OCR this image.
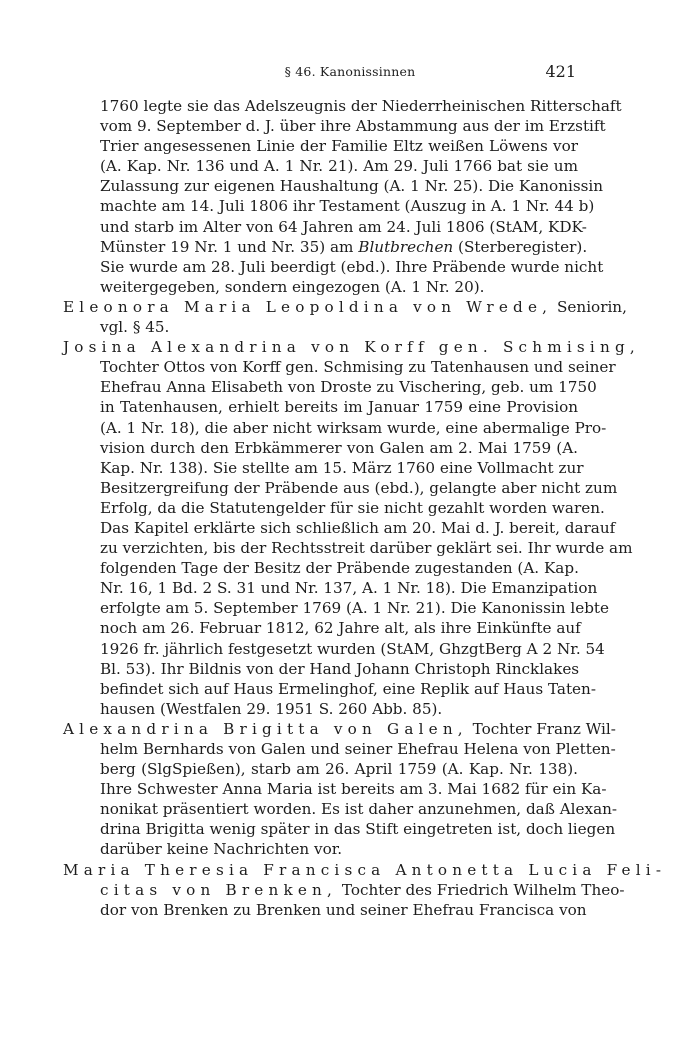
§ 46. Kanonissinnen	421
1760 legte sie das Adelszeugnis der Niederrheinischen Ritterschaft
vom 9. September d. J. über ihre Abstammung aus der im Erzstift
Trier angesessenen Linie der Familie Eltz weißen Löwens vor
(A. Kap. Nr. 136 und A. 1 Nr. 21). Am 29. Juli 1766 bat sie um
Zulassung zur eigenen Haushaltung (A. 1 Nr. 25). Die Kanonissin
machte am 14. Juli 1806 ihr Testament (Auszug in A. 1 Nr. 44 b)
und starb im Alter von 64 Jahren am 24. Juli 1806 (StAM, KDK-
Münster 19 Nr. 1 und Nr. 35) am Blutbrechen (Sterberegister).
Sie wurde am 28. Juli beerdigt (ebd.). Ihre Präbende wurde nicht
weitergegeben, sondern eingezogen (A. 1 Nr. 20).
Eleonora Maria Leopoldina von Wrede, Seniorin,
vgl. § 45.
Josina Alexandrina von Korff gen. Schmising,
Tochter Ottos von Korff gen. Schmising zu Tatenhausen und seiner
Ehefrau Anna Elisabeth von Droste zu Vischering, geb. um 1750
in Tatenhausen, erhielt bereits im Januar 1759 eine Provision
(A. 1 Nr. 18), die aber nicht wirksam wurde, eine abermalige Pro-
vision durch den Erbkämmerer von Galen am 2. Mai 1759 (A.
Kap. Nr. 138). Sie stellte am 15. März 1760 eine Vollmacht zur
Besitzergreifung der Präbende aus (ebd.), gelangte aber nicht zum
Erfolg, da die Statutengelder für sie nicht gezahlt worden waren.
Das Kapitel erklärte sich schließlich am 20. Mai d. J. bereit, darauf
zu verzichten, bis der Rechtsstreit darüber geklärt sei. Ihr wurde am
folgenden Tage der Besitz der Präbende zugestanden (A. Kap.
Nr. 16, 1 Bd. 2 S. 31 und Nr. 137, A. 1 Nr. 18). Die Emanzipation
erfolgte am 5. September 1769 (A. 1 Nr. 21). Die Kanonissin lebte
noch am 26. Februar 1812, 62 Jahre alt, als ihre Einkünfte auf
1926 fr. jährlich festgesetzt wurden (StAM, GhzgtBerg A 2 Nr. 54
Bl. 53). Ihr Bildnis von der Hand Johann Christoph Rincklakes
befindet sich auf Haus Ermelinghof, eine Replik auf Haus Taten-
hausen (Westfalen 29. 1951 S. 260 Abb. 85).
Alexandrina Brigitta von Galen, Tochter Franz Wil-
helm Bernhards von Galen und seiner Ehefrau Helena von Pletten-
berg (SlgSpießen), starb am 26. April 1759 (A. Kap. Nr. 138).
Ihre Schwester Anna Maria ist bereits am 3. Mai 1682 für ein Ka-
nonikat präsentiert worden. Es ist daher anzunehmen, daß Alexan-
drina Brigitta wenig später in das Stift eingetreten ist, doch liegen
darüber keine Nachrichten vor.
Maria Theresia Francisca Antonetta Lucia Feli-
citas von Brenken, Tochter des Friedrich Wilhelm Theo-
dor von Brenken zu Brenken und seiner Ehefrau Francisca von
